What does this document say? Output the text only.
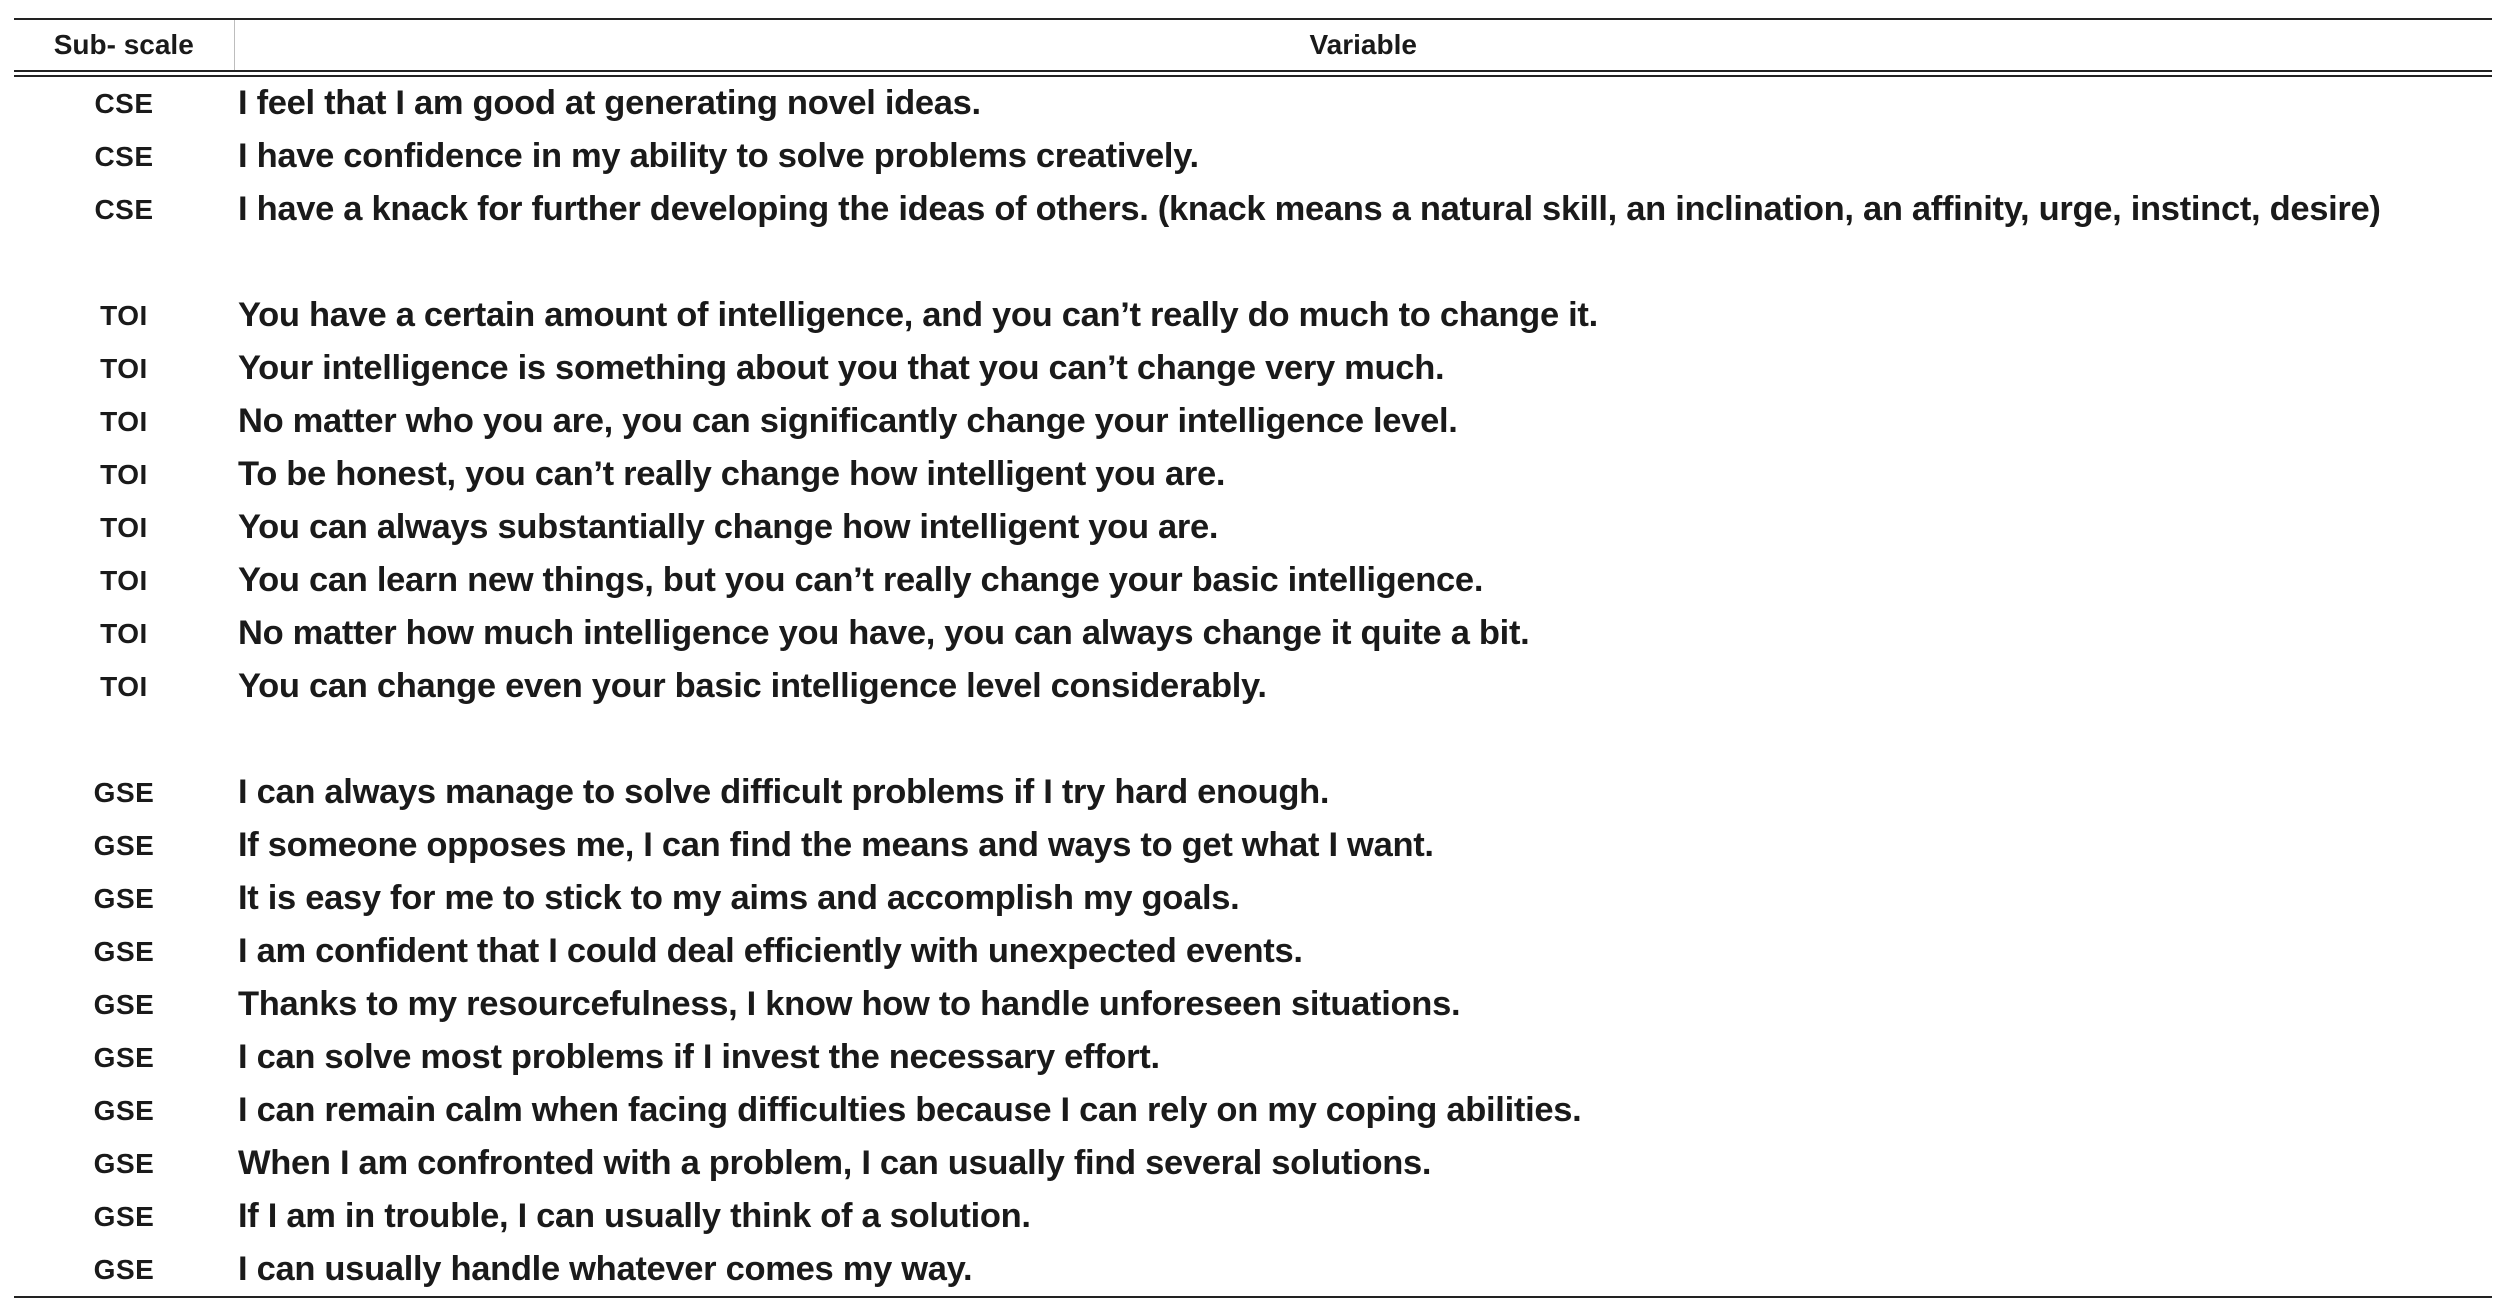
Sub- scale	Variable
CSE	I feel that I am good at generating novel ideas.
CSE	I have confidence in my ability to solve problems creatively.
CSE	I have a knack for further developing the ideas of others. (knack means a natural skill, an inclination, an affinity, urge, instinct, desire)

TOI	You have a certain amount of intelligence, and you can’t really do much to change it.
TOI	Your intelligence is something about you that you can’t change very much.
TOI	No matter who you are, you can significantly change your intelligence level.
TOI	To be honest, you can’t really change how intelligent you are.
TOI	You can always substantially change how intelligent you are.
TOI	You can learn new things, but you can’t really change your basic intelligence.
TOI	No matter how much intelligence you have, you can always change it quite a bit.
TOI	You can change even your basic intelligence level considerably.

GSE	I can always manage to solve difficult problems if I try hard enough.
GSE	If someone opposes me, I can find the means and ways to get what I want.
GSE	It is easy for me to stick to my aims and accomplish my goals.
GSE	I am confident that I could deal efficiently with unexpected events.
GSE	Thanks to my resourcefulness, I know how to handle unforeseen situations.
GSE	I can solve most problems if I invest the necessary effort.
GSE	I can remain calm when facing difficulties because I can rely on my coping abilities.
GSE	When I am confronted with a problem, I can usually find several solutions.
GSE	If I am in trouble, I can usually think of a solution.
GSE	I can usually handle whatever comes my way.
